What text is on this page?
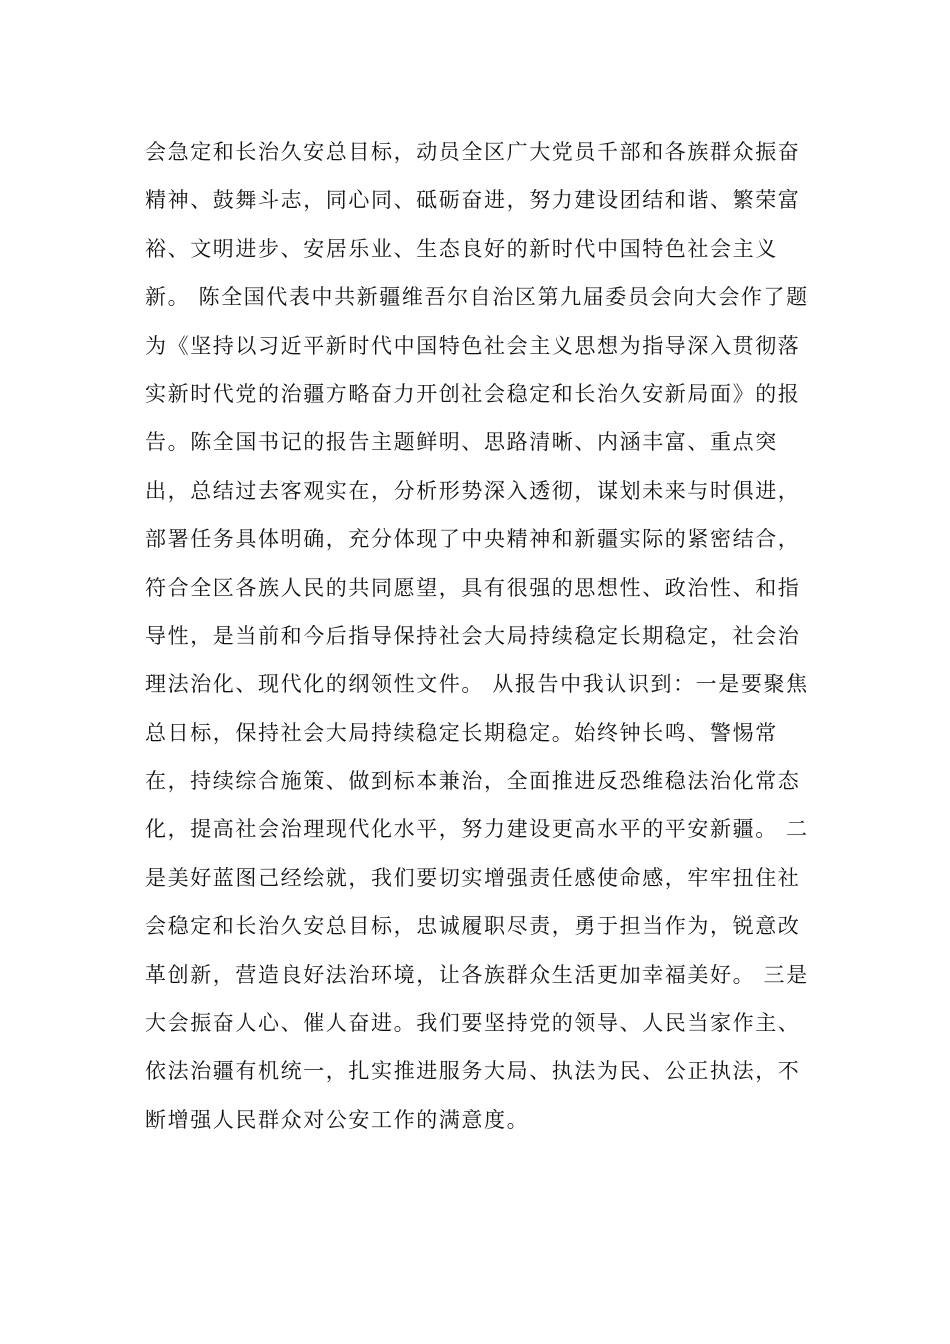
会急定和长治久安总目标，动员全区广大党员千部和各族群众振奋
精神、鼓舞斗志，同心同、砥砺奋进，努力建设团结和谐、繁荣富
裕、文明进步、安居乐业、生态良好的新时代中国特色社会主义
新。 陈全国代表中共新疆维吾尔自治区第九届委员会向大会作了题
为《坚持以习近平新时代中国特色社会主义思想为指导深入贯彻落
实新时代党的治疆方略奋力开创社会稳定和长治久安新局面》的报
告。陈全国书记的报告主题鲜明、思路清晰、内涵丰富、重点突
出，总结过去客观实在，分析形势深入透彻，谋划未来与时俱进，
部署任务具体明确，充分体现了中央精神和新疆实际的紧密结合，
符合全区各族人民的共同愿望，具有很强的思想性、政治性、和指
导性，是当前和今后指导保持社会大局持续稳定长期稳定，社会治
理法治化、现代化的纲领性文件。 从报告中我认识到：一是要聚焦
总日标，保持社会大局持续稳定长期稳定。始终钟长鸣、警惕常
在，持续综合施策、做到标本兼治，全面推进反恐维稳法治化常态
化，提高社会治理现代化水平，努力建设更高水平的平安新疆。 二
是美好蓝图己经绘就，我们要切实增强责任感使命感，牢牢扭住社
会稳定和长治久安总目标，忠诚履职尽责，勇于担当作为，锐意改
革创新，营造良好法治环境，让各族群众生活更加幸福美好。 三是
大会振奋人心、催人奋进。我们要坚持党的领导、人民当家作主、
依法治疆有机统一，扎实推进服务大局、执法为民、公正执法，不
断增强人民群众对公安工作的满意度。
